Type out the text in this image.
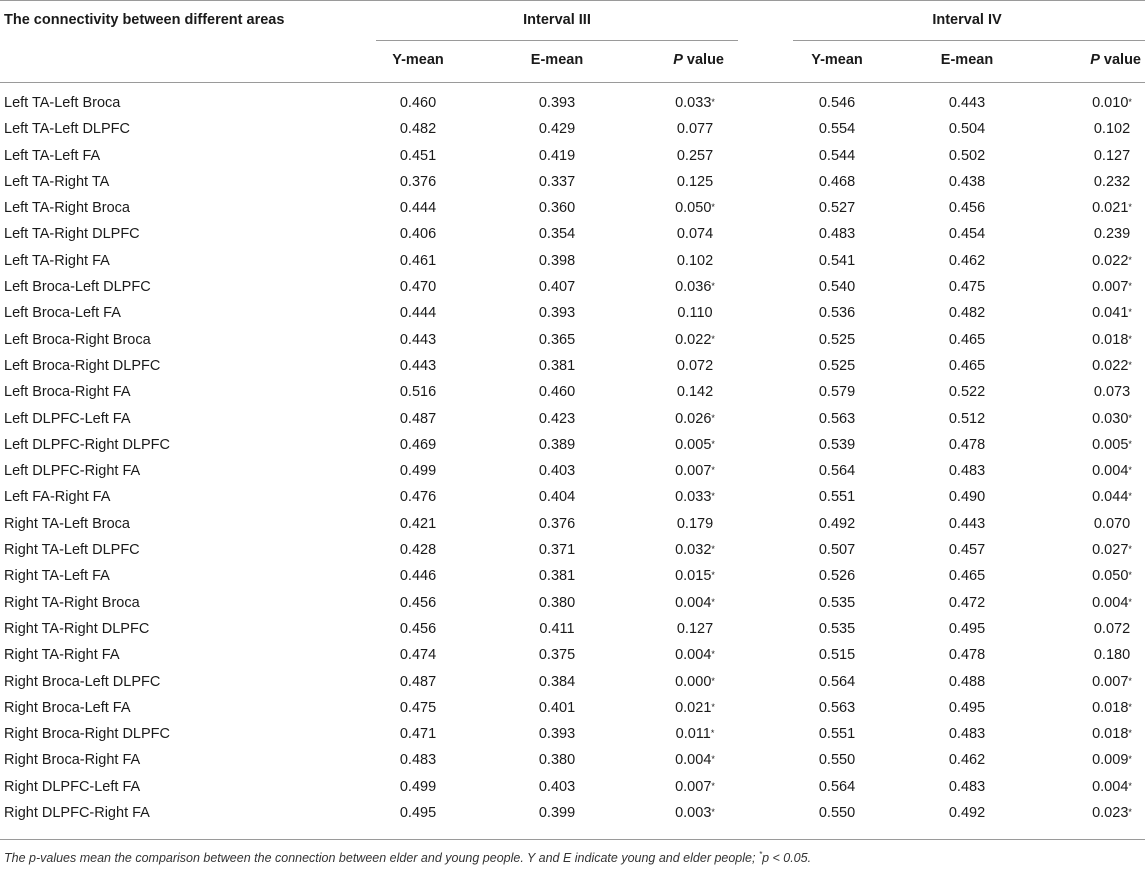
The connectivity between different areas	Interval III	Interval IV
Y-mean	E-mean	P value	Y-mean	E-mean	P value
Left TA-Left Broca	0.460	0.393	0.033*	0.546	0.443	0.010*
Left TA-Left DLPFC	0.482	0.429	0.077	0.554	0.504	0.102
Left TA-Left FA	0.451	0.419	0.257	0.544	0.502	0.127
Left TA-Right TA	0.376	0.337	0.125	0.468	0.438	0.232
Left TA-Right Broca	0.444	0.360	0.050*	0.527	0.456	0.021*
Left TA-Right DLPFC	0.406	0.354	0.074	0.483	0.454	0.239
Left TA-Right FA	0.461	0.398	0.102	0.541	0.462	0.022*
Left Broca-Left DLPFC	0.470	0.407	0.036*	0.540	0.475	0.007*
Left Broca-Left FA	0.444	0.393	0.110	0.536	0.482	0.041*
Left Broca-Right Broca	0.443	0.365	0.022*	0.525	0.465	0.018*
Left Broca-Right DLPFC	0.443	0.381	0.072	0.525	0.465	0.022*
Left Broca-Right FA	0.516	0.460	0.142	0.579	0.522	0.073
Left DLPFC-Left FA	0.487	0.423	0.026*	0.563	0.512	0.030*
Left DLPFC-Right DLPFC	0.469	0.389	0.005*	0.539	0.478	0.005*
Left DLPFC-Right FA	0.499	0.403	0.007*	0.564	0.483	0.004*
Left FA-Right FA	0.476	0.404	0.033*	0.551	0.490	0.044*
Right TA-Left Broca	0.421	0.376	0.179	0.492	0.443	0.070
Right TA-Left DLPFC	0.428	0.371	0.032*	0.507	0.457	0.027*
Right TA-Left FA	0.446	0.381	0.015*	0.526	0.465	0.050*
Right TA-Right Broca	0.456	0.380	0.004*	0.535	0.472	0.004*
Right TA-Right DLPFC	0.456	0.411	0.127	0.535	0.495	0.072
Right TA-Right FA	0.474	0.375	0.004*	0.515	0.478	0.180
Right Broca-Left DLPFC	0.487	0.384	0.000*	0.564	0.488	0.007*
Right Broca-Left FA	0.475	0.401	0.021*	0.563	0.495	0.018*
Right Broca-Right DLPFC	0.471	0.393	0.011*	0.551	0.483	0.018*
Right Broca-Right FA	0.483	0.380	0.004*	0.550	0.462	0.009*
Right DLPFC-Left FA	0.499	0.403	0.007*	0.564	0.483	0.004*
Right DLPFC-Right FA	0.495	0.399	0.003*	0.550	0.492	0.023*
The p-values mean the comparison between the connection between elder and young people. Y and E indicate young and elder people; *p < 0.05.
